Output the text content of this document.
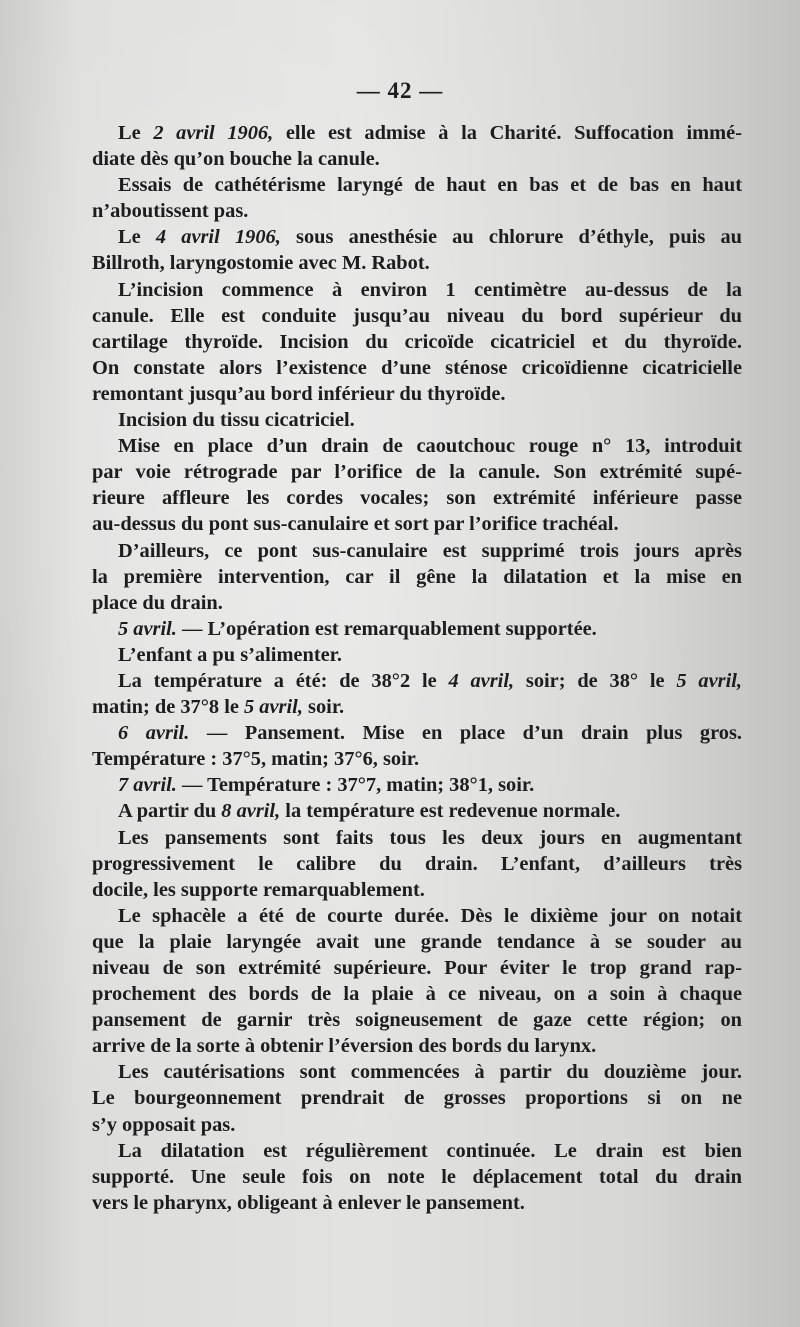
— 42 —
Le 2 avril 1906, elle est admise à la Charité. Suffocation immé-
diate dès qu’on bouche la canule.
Essais de cathétérisme laryngé de haut en bas et de bas en haut
n’aboutissent pas.
Le 4 avril 1906, sous anesthésie au chlorure d’éthyle, puis au
Billroth, laryngostomie avec M. Rabot.
L’incision commence à environ 1 centimètre au-dessus de la
canule. Elle est conduite jusqu’au niveau du bord supérieur du
cartilage thyroïde. Incision du cricoïde cicatriciel et du thyroïde.
On constate alors l’existence d’une sténose cricoïdienne cicatricielle
remontant jusqu’au bord inférieur du thyroïde.
Incision du tissu cicatriciel.
Mise en place d’un drain de caoutchouc rouge n° 13, introduit
par voie rétrograde par l’orifice de la canule. Son extrémité supé-
rieure affleure les cordes vocales; son extrémité inférieure passe
au-dessus du pont sus-canulaire et sort par l’orifice trachéal.
D’ailleurs, ce pont sus-canulaire est supprimé trois jours après
la première intervention, car il gêne la dilatation et la mise en
place du drain.
5 avril. — L’opération est remarquablement supportée.
L’enfant a pu s’alimenter.
La température a été: de 38°2 le 4 avril, soir; de 38° le 5 avril,
matin; de 37°8 le 5 avril, soir.
6 avril. — Pansement. Mise en place d’un drain plus gros.
Température : 37°5, matin; 37°6, soir.
7 avril. — Température : 37°7, matin; 38°1, soir.
A partir du 8 avril, la température est redevenue normale.
Les pansements sont faits tous les deux jours en augmentant
progressivement le calibre du drain. L’enfant, d’ailleurs très
docile, les supporte remarquablement.
Le sphacèle a été de courte durée. Dès le dixième jour on notait
que la plaie laryngée avait une grande tendance à se souder au
niveau de son extrémité supérieure. Pour éviter le trop grand rap-
prochement des bords de la plaie à ce niveau, on a soin à chaque
pansement de garnir très soigneusement de gaze cette région; on
arrive de la sorte à obtenir l’éversion des bords du larynx.
Les cautérisations sont commencées à partir du douzième jour.
Le bourgeonnement prendrait de grosses proportions si on ne
s’y opposait pas.
La dilatation est régulièrement continuée. Le drain est bien
supporté. Une seule fois on note le déplacement total du drain
vers le pharynx, obligeant à enlever le pansement.
